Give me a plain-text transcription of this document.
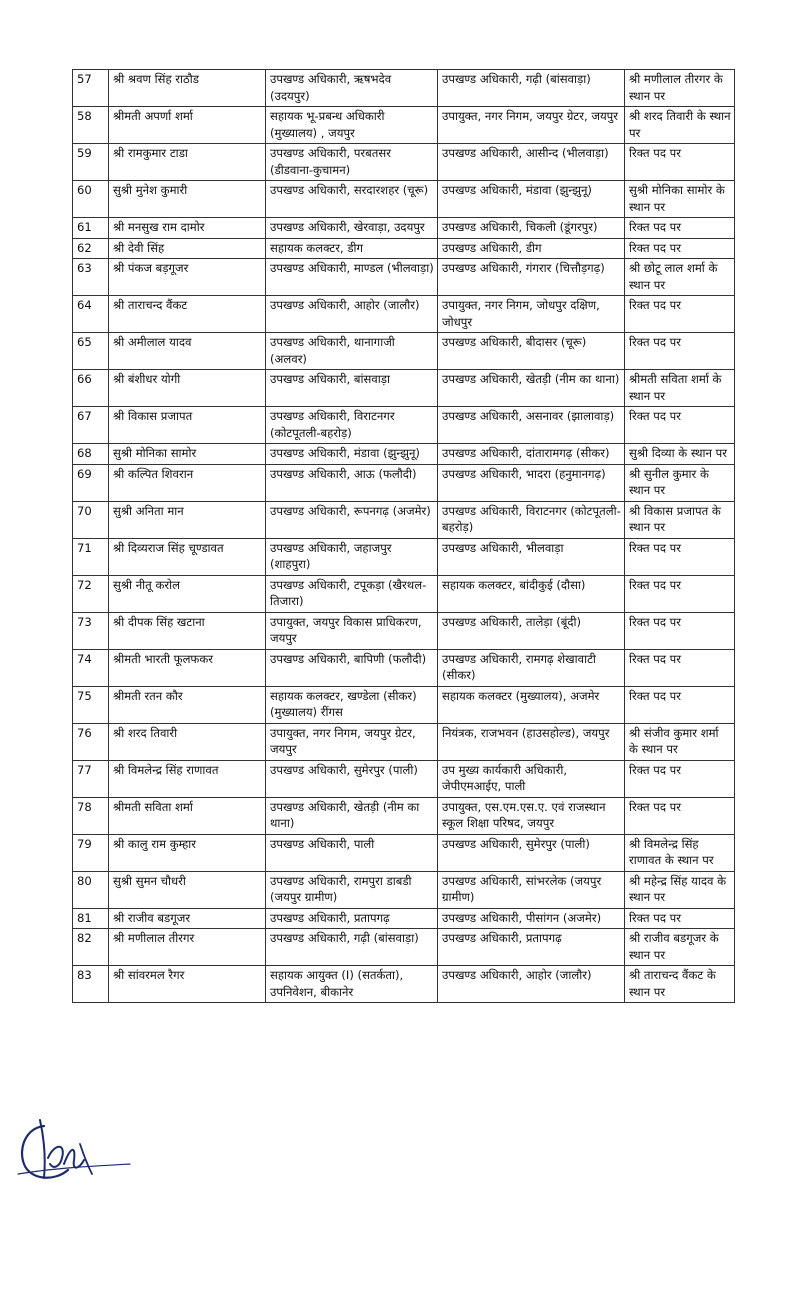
57	श्री श्रवण सिंह राठौड	उपखण्ड अधिकारी, ऋषभदेव (उदयपुर)	उपखण्ड अधिकारी, गढ़ी (बांसवाड़ा)	श्री मणीलाल तीरगर के स्थान पर
58	श्रीमती अपर्णा शर्मा	सहायक भू-प्रबन्ध अधिकारी (मुख्यालय) , जयपुर	उपायुक्त, नगर निगम, जयपुर ग्रेटर, जयपुर	श्री शरद तिवारी के स्थान पर
59	श्री रामकुमार टाडा	उपखण्ड अधिकारी, परबतसर (डीडवाना-कुचामन)	उपखण्ड अधिकारी, आसीन्द (भीलवाड़ा)	रिक्त पद पर
60	सुश्री मुनेश कुमारी	उपखण्ड अधिकारी, सरदारशहर (चूरू)	उपखण्ड अधिकारी, मंडावा (झुन्झुनू)	सुश्री मोनिका सामोर के स्थान पर
61	श्री मनसुख राम दामोर	उपखण्ड अधिकारी, खेरवाड़ा, उदयपुर	उपखण्ड अधिकारी, चिकली (डूंगरपुर)	रिक्त पद पर
62	श्री देवी सिंह	सहायक कलक्टर, डीग	उपखण्ड अधिकारी, डीग	रिक्त पद पर
63	श्री पंकज बड़गूजर	उपखण्ड अधिकारी, माण्डल (भीलवाड़ा)	उपखण्ड अधिकारी, गंगरार (चित्तौड़गढ़)	श्री छोटू लाल शर्मा के स्थान पर
64	श्री ताराचन्द वैंकट	उपखण्ड अधिकारी, आहोर (जालौर)	उपायुक्त, नगर निगम, जोधपुर दक्षिण, जोधपुर	रिक्त पद पर
65	श्री अमीलाल यादव	उपखण्ड अधिकारी, थानागाजी (अलवर)	उपखण्ड अधिकारी, बीदासर (चूरू)	रिक्त पद पर
66	श्री बंशीधर योगी	उपखण्ड अधिकारी, बांसवाड़ा	उपखण्ड अधिकारी, खेतड़ी (नीम का थाना)	श्रीमती सविता शर्मा के स्थान पर
67	श्री विकास प्रजापत	उपखण्ड अधिकारी, विराटनगर (कोटपूतली-बहरोड़)	उपखण्ड अधिकारी, असनावर (झालावाड़)	रिक्त पद पर
68	सुश्री मोनिका सामोर	उपखण्ड अधिकारी, मंडावा (झुन्झुनू)	उपखण्ड अधिकारी, दांतारामगढ़ (सीकर)	सुश्री दिव्या के स्थान पर
69	श्री कल्पित शिवरान	उपखण्ड अधिकारी, आऊ (फलौदी)	उपखण्ड अधिकारी, भादरा (हनुमानगढ़)	श्री सुनील कुमार के स्थान पर
70	सुश्री अनिता मान	उपखण्ड अधिकारी, रूपनगढ़ (अजमेर)	उपखण्ड अधिकारी, विराटनगर (कोटपूतली-बहरोड़)	श्री विकास प्रजापत के स्थान पर
71	श्री दिव्यराज सिंह चूण्डावत	उपखण्ड अधिकारी, जहाजपुर (शाहपुरा)	उपखण्ड अधिकारी, भीलवाड़ा	रिक्त पद पर
72	सुश्री नीतू करोल	उपखण्ड अधिकारी, टपूकड़ा (खैरथल-तिजारा)	सहायक कलक्टर, बांदीकुई (दौसा)	रिक्त पद पर
73	श्री दीपक सिंह खटाना	उपायुक्त, जयपुर विकास प्राधिकरण, जयपुर	उपखण्ड अधिकारी, तालेड़ा (बूंदी)	रिक्त पद पर
74	श्रीमती भारती फूलफकर	उपखण्ड अधिकारी, बापिणी (फलौदी)	उपखण्ड अधिकारी, रामगढ़ शेखावाटी (सीकर)	रिक्त पद पर
75	श्रीमती रतन कौर	सहायक कलक्टर, खण्डेला (सीकर) (मुख्यालय) रींगस	सहायक कलक्टर (मुख्यालय), अजमेर	रिक्त पद पर
76	श्री शरद तिवारी	उपायुक्त, नगर निगम, जयपुर ग्रेटर, जयपुर	नियंत्रक, राजभवन (हाउसहोल्ड), जयपुर	श्री संजीव कुमार शर्मा के स्थान पर
77	श्री विमलेन्द्र सिंह राणावत	उपखण्ड अधिकारी, सुमेरपुर (पाली)	उप मुख्य कार्यकारी अधिकारी, जेपीएमआईए, पाली	रिक्त पद पर
78	श्रीमती सविता शर्मा	उपखण्ड अधिकारी, खेतड़ी (नीम का थाना)	उपायुक्त, एस.एम.एस.ए. एवं राजस्थान स्कूल शिक्षा परिषद, जयपुर	रिक्त पद पर
79	श्री कालु राम कुम्हार	उपखण्ड अधिकारी, पाली	उपखण्ड अधिकारी, सुमेरपुर (पाली)	श्री विमलेन्द्र सिंह राणावत के स्थान पर
80	सुश्री सुमन चौधरी	उपखण्ड अधिकारी, रामपुरा डाबडी (जयपुर ग्रामीण)	उपखण्ड अधिकारी, सांभरलेक (जयपुर ग्रामीण)	श्री महेन्द्र सिंह यादव के स्थान पर
81	श्री राजीव बडगूजर	उपखण्ड अधिकारी, प्रतापगढ़	उपखण्ड अधिकारी, पीसांगन (अजमेर)	रिक्त पद पर
82	श्री मणीलाल तीरगर	उपखण्ड अधिकारी, गढ़ी (बांसवाड़ा)	उपखण्ड अधिकारी, प्रतापगढ़	श्री राजीव बडगूजर के स्थान पर
83	श्री सांवरमल रैगर	सहायक आयुक्त (I) (सतर्कता), उपनिवेशन, बीकानेर	उपखण्ड अधिकारी, आहोर (जालौर)	श्री ताराचन्द वैंकट के स्थान पर
